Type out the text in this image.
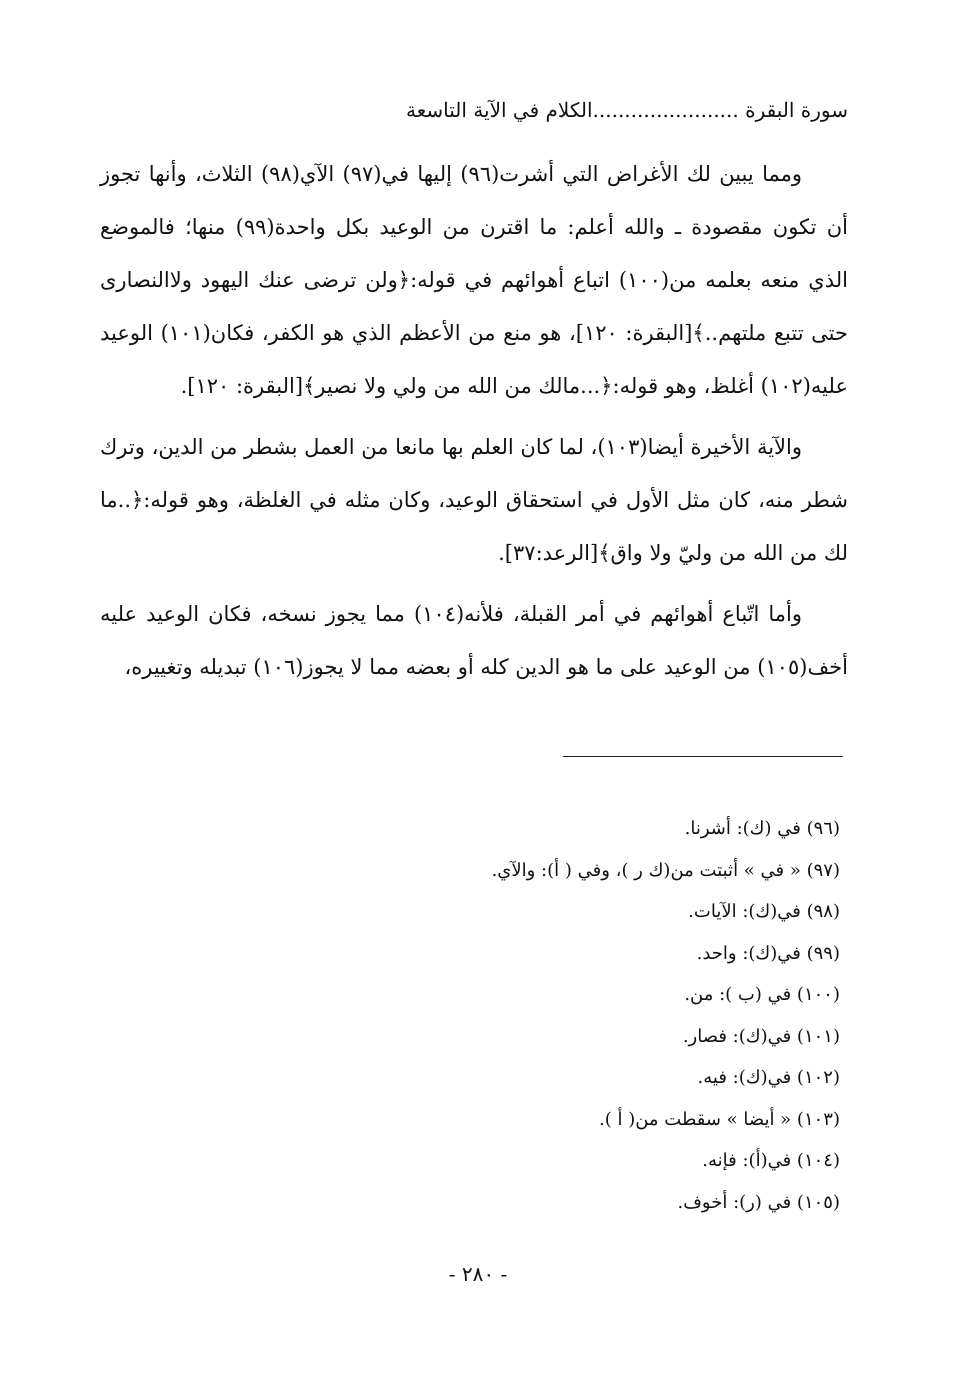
سورة البقرة .......................الكلام في الآية التاسعة

ومما يبين لك الأغراض التي أشرت(٩٦) إليها في(٩٧) الآي(٩٨) الثلاث، وأنها تجوز أن تكون مقصودة ـ والله أعلم: ما اقترن من الوعيد بكل واحدة(٩٩) منها؛ فالموضع الذي منعه بعلمه من(١٠٠) اتباع أهوائهم في قوله:﴿ولن ترضى عنك اليهود ولاالنصارى حتى تتبع ملتهم..﴾[البقرة: ١٢٠]، هو منع من الأعظم الذي هو الكفر، فكان(١٠١) الوعيد عليه(١٠٢) أغلظ، وهو قوله:﴿...مالك من الله من ولي ولا نصير﴾[البقرة: ١٢٠].

والآية الأخيرة أيضا(١٠٣)، لما كان العلم بها مانعا من العمل بشطر من الدين، وترك شطر منه، كان مثل الأول في استحقاق الوعيد، وكان مثله في الغلظة، وهو قوله:﴿..ما لك من الله من وليّ ولا واق﴾[الرعد:٣٧].

وأما اتّباع أهوائهم في أمر القبلة، فلأنه(١٠٤) مما يجوز نسخه، فكان الوعيد عليه أخف(١٠٥) من الوعيد على ما هو الدين كله أو بعضه مما لا يجوز(١٠٦) تبديله وتغييره،

(٩٦) في (ك): أشرنا.
(٩٧) « في » أثبتت من(ك ر )، وفي ( أ): والآي.
(٩٨) في(ك): الآيات.
(٩٩) في(ك): واحد.
(١٠٠) في (ب ): من.
(١٠١) في(ك): فصار.
(١٠٢) في(ك): فيه.
(١٠٣) « أيضا » سقطت من( أ ).
(١٠٤) في(أ): فإنه.
(١٠٥) في (ر): أخوف.
- ٢٨٠ -
